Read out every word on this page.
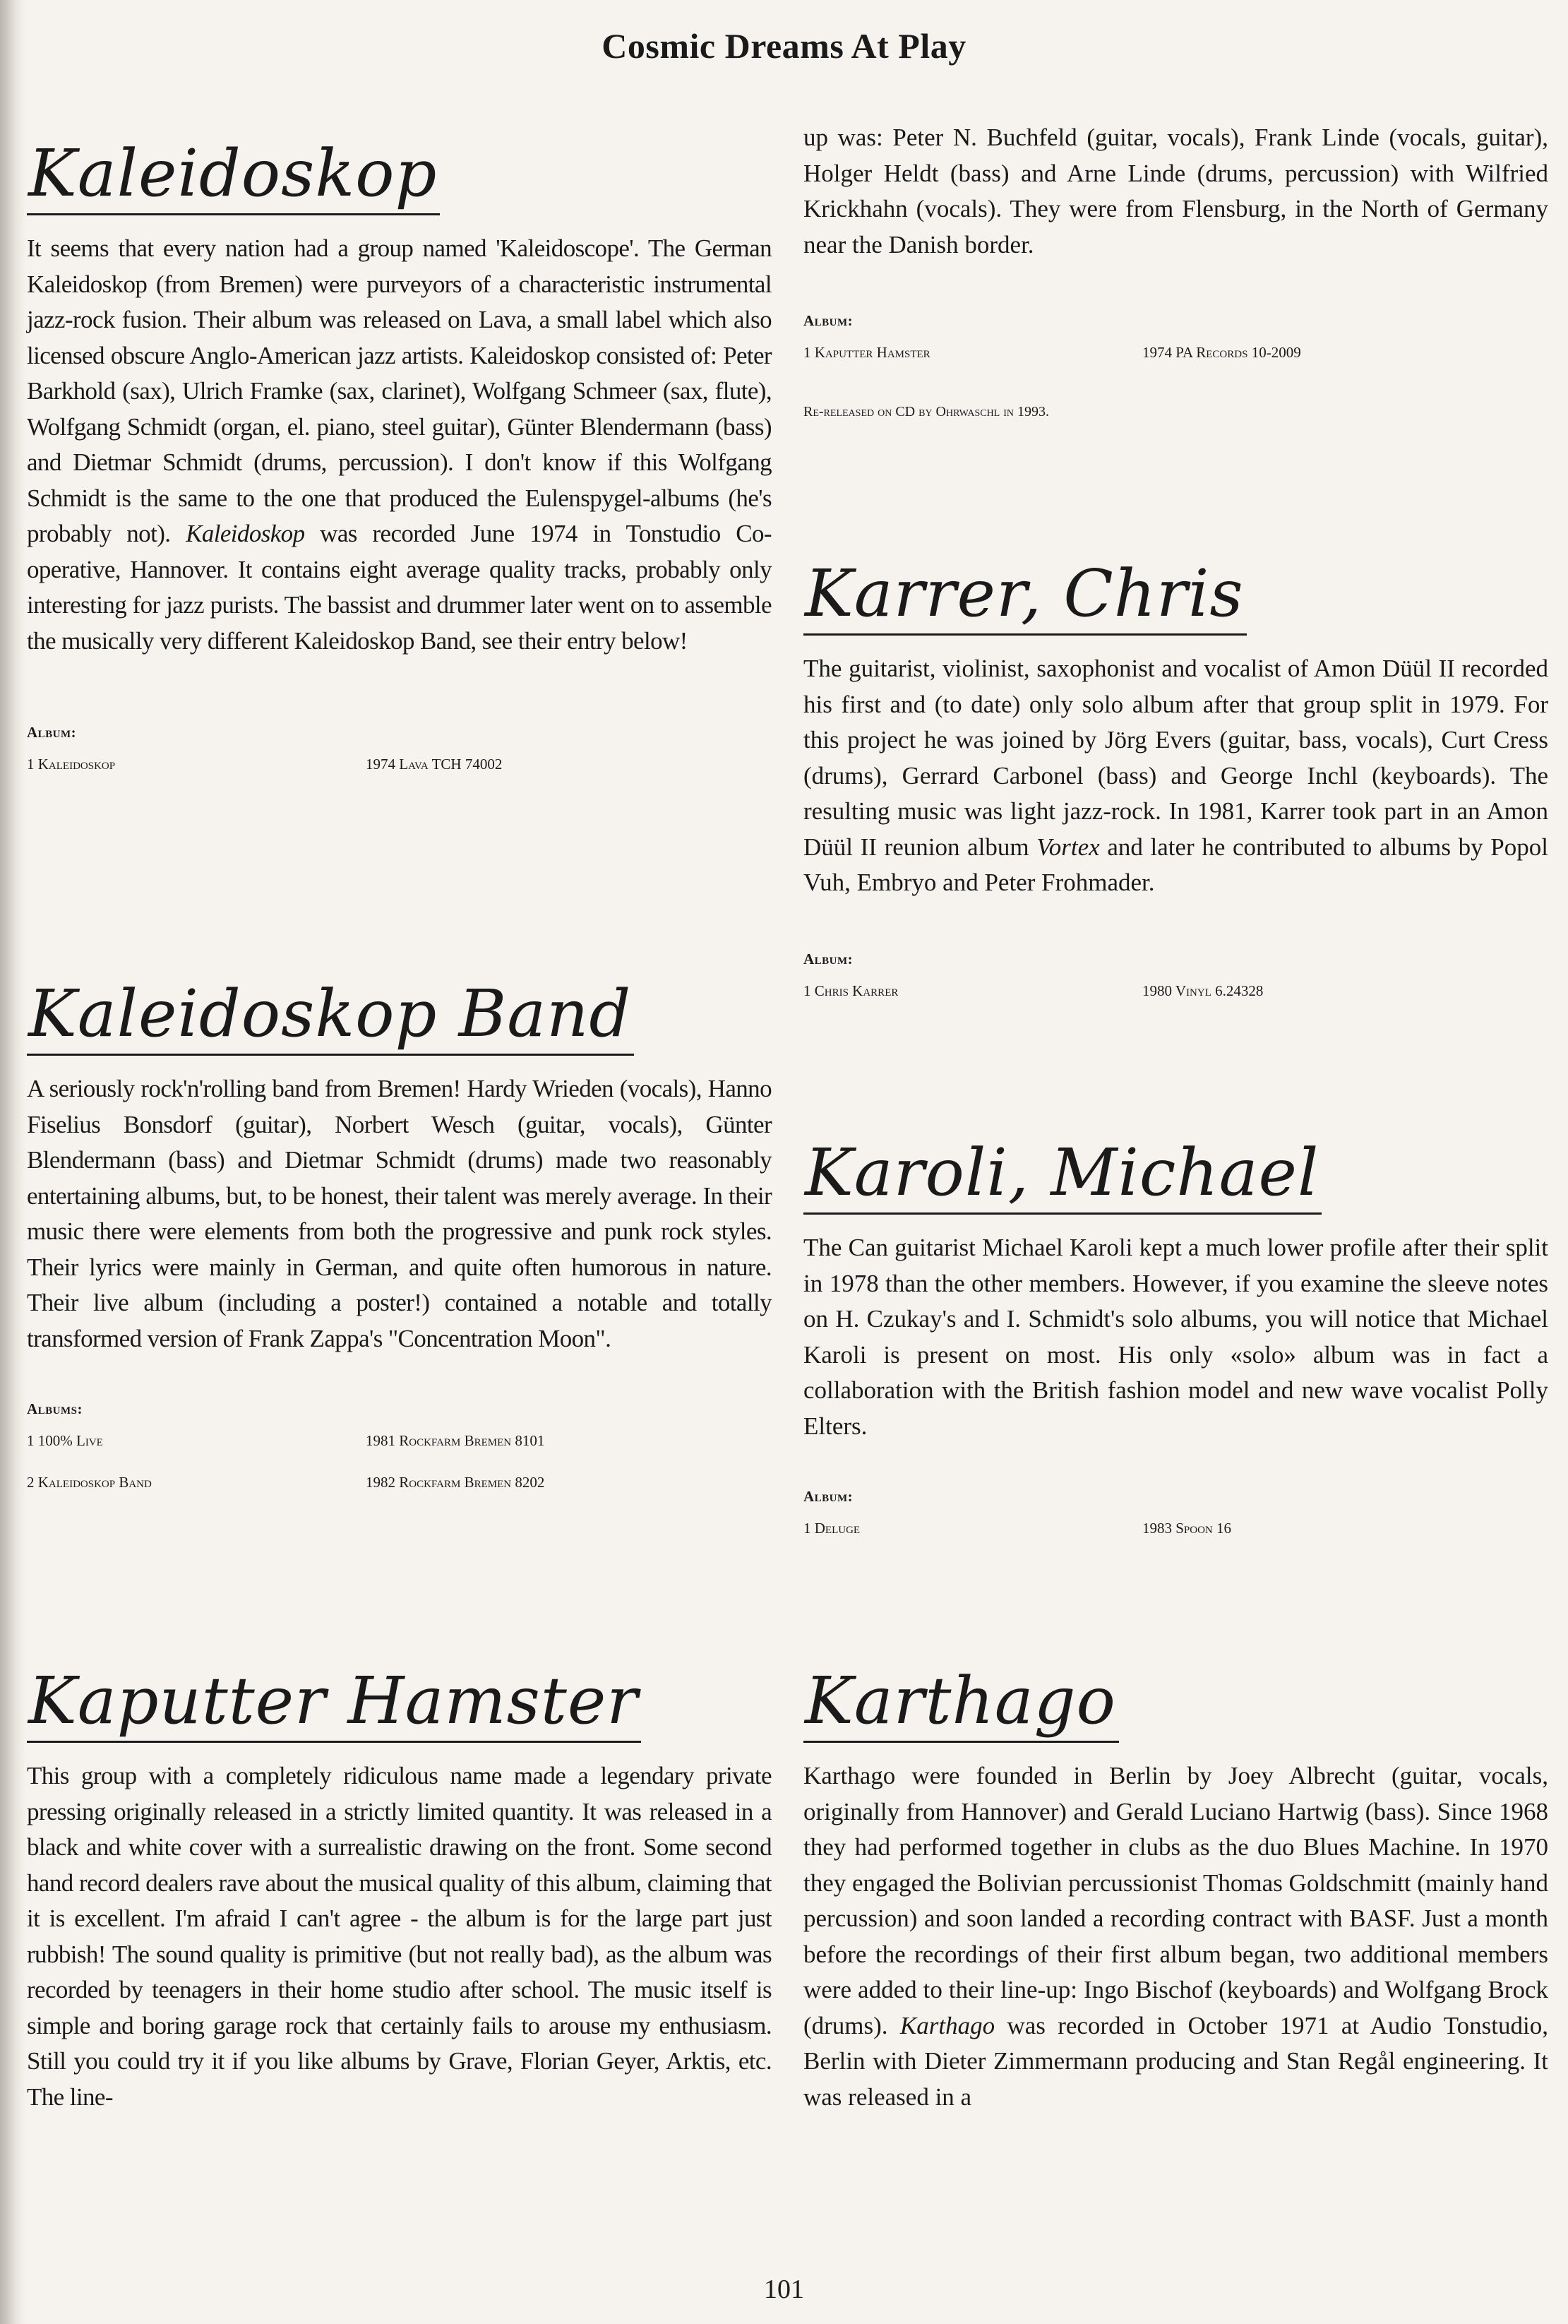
Cosmic Dreams At Play
Kaleidoskop

It seems that every nation had a group named 'Kaleidoscope'. The German Kaleidoskop (from Bremen) were purveyors of a characteristic instrumental jazz-rock fusion. Their album was released on Lava, a small label which also licensed obscure Anglo-American jazz artists. Kaleidoskop consisted of: Peter Barkhold (sax), Ulrich Framke (sax, clarinet), Wolfgang Schmeer (sax, flute), Wolfgang Schmidt (organ, el. piano, steel guitar), Günter Blendermann (bass) and Dietmar Schmidt (drums, percussion). I don't know if this Wolfgang Schmidt is the same to the one that produced the Eulenspygel-albums (he's probably not). Kaleidoskop was recorded June 1974 in Tonstudio Co-operative, Hannover. It contains eight average quality tracks, probably only interesting for jazz purists. The bassist and drummer later went on to assemble the musically very different Kaleidoskop Band, see their entry below!

Album:
1 Kaleidoskop	1974 Lava TCH 74002
Kaleidoskop Band

A seriously rock'n'rolling band from Bremen! Hardy Wrieden (vocals), Hanno Fiselius Bonsdorf (guitar), Norbert Wesch (guitar, vocals), Günter Blendermann (bass) and Dietmar Schmidt (drums) made two reasonably entertaining albums, but, to be honest, their talent was merely average. In their music there were elements from both the progressive and punk rock styles. Their lyrics were mainly in German, and quite often humorous in nature. Their live album (including a poster!) contained a notable and totally transformed version of Frank Zappa's "Concentration Moon".

Albums:
1 100% Live	1981 Rockfarm Bremen 8101
2 Kaleidoskop Band	1982 Rockfarm Bremen 8202
Kaputter Hamster

This group with a completely ridiculous name made a legendary private pressing originally released in a strictly limited quantity. It was released in a black and white cover with a surrealistic drawing on the front. Some second hand record dealers rave about the musical quality of this album, claiming that it is excellent. I'm afraid I can't agree - the album is for the large part just rubbish! The sound quality is primitive (but not really bad), as the album was recorded by teenagers in their home studio after school. The music itself is simple and boring garage rock that certainly fails to arouse my enthusiasm. Still you could try it if you like albums by Grave, Florian Geyer, Arktis, etc. The line-

up was: Peter N. Buchfeld (guitar, vocals), Frank Linde (vocals, guitar), Holger Heldt (bass) and Arne Linde (drums, percussion) with Wilfried Krickhahn (vocals). They were from Flensburg, in the North of Germany near the Danish border.

Album:
1 Kaputter Hamster	1974 PA Records 10-2009
Re-released on CD by Ohrwaschl in 1993.
Karrer, Chris

The guitarist, violinist, saxophonist and vocalist of Amon Düül II recorded his first and (to date) only solo album after that group split in 1979. For this project he was joined by Jörg Evers (guitar, bass, vocals), Curt Cress (drums), Gerrard Carbonel (bass) and George Inchl (keyboards). The resulting music was light jazz-rock. In 1981, Karrer took part in an Amon Düül II reunion album Vortex and later he contributed to albums by Popol Vuh, Embryo and Peter Frohmader.

Album:
1 Chris Karrer	1980 Vinyl 6.24328
Karoli, Michael

The Can guitarist Michael Karoli kept a much lower profile after their split in 1978 than the other members. However, if you examine the sleeve notes on H. Czukay's and I. Schmidt's solo albums, you will notice that Michael Karoli is present on most. His only «solo» album was in fact a collaboration with the British fashion model and new wave vocalist Polly Elters.

Album:
1 Deluge	1983 Spoon 16
Karthago

Karthago were founded in Berlin by Joey Albrecht (guitar, vocals, originally from Hannover) and Gerald Luciano Hartwig (bass). Since 1968 they had performed together in clubs as the duo Blues Machine. In 1970 they engaged the Bolivian percussionist Thomas Goldschmitt (mainly hand percussion) and soon landed a recording contract with BASF. Just a month before the recordings of their first album began, two additional members were added to their line-up: Ingo Bischof (keyboards) and Wolfgang Brock (drums). Karthago was recorded in October 1971 at Audio Tonstudio, Berlin with Dieter Zimmermann producing and Stan Regål engineering. It was released in a

101
